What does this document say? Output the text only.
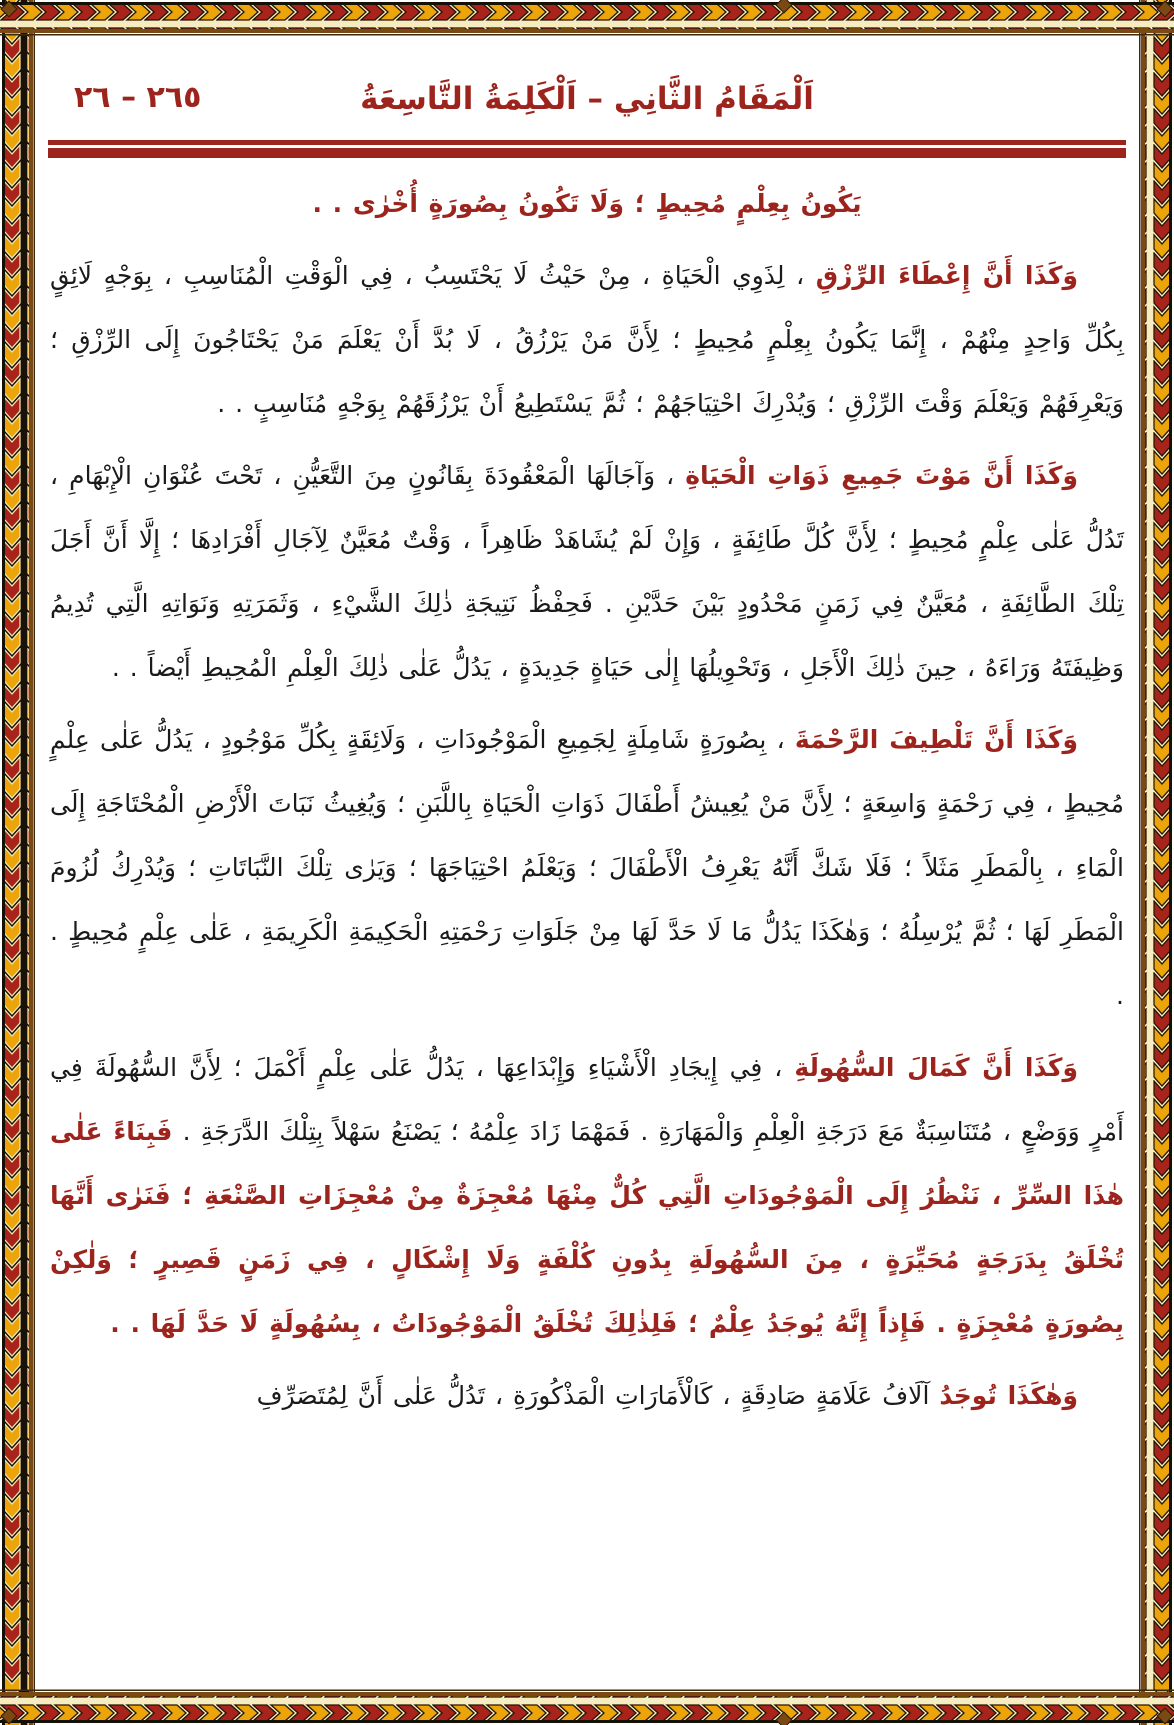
٢٦٥ – ٢٦	اَلْمَقَامُ الثَّانِي – اَلْكَلِمَةُ التَّاسِعَةُ

يَكُونُ بِعِلْمٍ مُحِيطٍ ؛ وَلَا تَكُونُ بِصُورَةٍ أُخْرٰى . .

وَكَذَا أَنَّ إِعْطَاءَ الرِّزْقِ ، لِذَوِي الْحَيَاةِ ، مِنْ حَيْثُ لَا يَحْتَسِبُ ، فِي الْوَقْتِ الْمُنَاسِبِ ، بِوَجْهٍ لَائِقٍ بِكُلِّ وَاحِدٍ مِنْهُمْ ، إِنَّمَا يَكُونُ بِعِلْمٍ مُحِيطٍ ؛ لِأَنَّ مَنْ يَرْزُقُ ، لَا بُدَّ أَنْ يَعْلَمَ مَنْ يَحْتَاجُونَ إِلَى الرِّزْقِ ؛ وَيَعْرِفَهُمْ وَيَعْلَمَ وَقْتَ الرِّزْقِ ؛ وَيُدْرِكَ احْتِيَاجَهُمْ ؛ ثُمَّ يَسْتَطِيعُ أَنْ يَرْزُقَهُمْ بِوَجْهٍ مُنَاسِبٍ . .

وَكَذَا أَنَّ مَوْتَ جَمِيعِ ذَوَاتِ الْحَيَاةِ ، وَآجَالَهَا الْمَعْقُودَةَ بِقَانُونٍ مِنَ التَّعَيُّنِ ، تَحْتَ عُنْوَانِ الْإِبْهَامِ ، تَدُلُّ عَلٰى عِلْمٍ مُحِيطٍ ؛ لِأَنَّ كُلَّ طَائِفَةٍ ، وَإِنْ لَمْ يُشَاهَدْ ظَاهِراً ، وَقْتٌ مُعَيَّنٌ لِآجَالِ أَفْرَادِهَا ؛ إِلَّا أَنَّ أَجَلَ تِلْكَ الطَّائِفَةِ ، مُعَيَّنٌ فِي زَمَنٍ مَحْدُودٍ بَيْنَ حَدَّيْنِ . فَحِفْظُ نَتِيجَةِ ذٰلِكَ الشَّيْءِ ، وَثَمَرَتِهِ وَنَوَاتِهِ الَّتِي تُدِيمُ وَظِيفَتَهُ وَرَاءَهُ ، حِينَ ذٰلِكَ الْأَجَلِ ، وَتَحْوِيلُهَا إِلٰى حَيَاةٍ جَدِيدَةٍ ، يَدُلُّ عَلٰى ذٰلِكَ الْعِلْمِ الْمُحِيطِ أَيْضاً . .

وَكَذَا أَنَّ تَلْطِيفَ الرَّحْمَةَ ، بِصُورَةٍ شَامِلَةٍ لِجَمِيعِ الْمَوْجُودَاتِ ، وَلَائِقَةٍ بِكُلِّ مَوْجُودٍ ، يَدُلُّ عَلٰى عِلْمٍ مُحِيطٍ ، فِي رَحْمَةٍ وَاسِعَةٍ ؛ لِأَنَّ مَنْ يُعِيشُ أَطْفَالَ ذَوَاتِ الْحَيَاةِ بِاللَّبَنِ ؛ وَيُغِيثُ نَبَاتَ الْأَرْضِ الْمُحْتَاجَةِ إِلَى الْمَاءِ ، بِالْمَطَرِ مَثَلاً ؛ فَلَا شَكَّ أَنَّهُ يَعْرِفُ الْأَطْفَالَ ؛ وَيَعْلَمُ احْتِيَاجَهَا ؛ وَيَرٰى تِلْكَ النَّبَاتَاتِ ؛ وَيُدْرِكُ لُزُومَ الْمَطَرِ لَهَا ؛ ثُمَّ يُرْسِلُهُ ؛ وَهٰكَذَا يَدُلُّ مَا لَا حَدَّ لَهَا مِنْ جَلَوَاتِ رَحْمَتِهِ الْحَكِيمَةِ الْكَرِيمَةِ ، عَلٰى عِلْمٍ مُحِيطٍ . .

وَكَذَا أَنَّ كَمَالَ السُّهُولَةِ ، فِي إِيجَادِ الْأَشْيَاءِ وَإِبْدَاعِهَا ، يَدُلُّ عَلٰى عِلْمٍ أَكْمَلَ ؛ لِأَنَّ السُّهُولَةَ فِي أَمْرٍ وَوَضْعٍ ، مُتَنَاسِبَةٌ مَعَ دَرَجَةِ الْعِلْمِ وَالْمَهَارَةِ . فَمَهْمَا زَادَ عِلْمُهُ ؛ يَصْنَعُ سَهْلاً بِتِلْكَ الدَّرَجَةِ . فَبِنَاءً عَلٰى هٰذَا السِّرِّ ، نَنْظُرُ إِلَى الْمَوْجُودَاتِ الَّتِي كُلٌّ مِنْهَا مُعْجِزَةٌ مِنْ مُعْجِزَاتِ الصَّنْعَةِ ؛ فَنَرٰى أَنَّهَا تُخْلَقُ بِدَرَجَةٍ مُحَيِّرَةٍ ، مِنَ السُّهُولَةِ بِدُونِ كُلْفَةٍ وَلَا إِشْكَالٍ ، فِي زَمَنٍ قَصِيرٍ ؛ وَلٰكِنْ بِصُورَةٍ مُعْجِزَةٍ . فَإِذاً إِنَّهُ يُوجَدُ عِلْمٌ ؛ فَلِذٰلِكَ تُخْلَقُ الْمَوْجُودَاتُ ، بِسُهُولَةٍ لَا حَدَّ لَهَا . .

وَهٰكَذَا تُوجَدُ آلَافُ عَلَامَةٍ صَادِقَةٍ ، كَالْأَمَارَاتِ الْمَذْكُورَةِ ، تَدُلُّ عَلٰى أَنَّ لِمُتَصَرِّفِ
